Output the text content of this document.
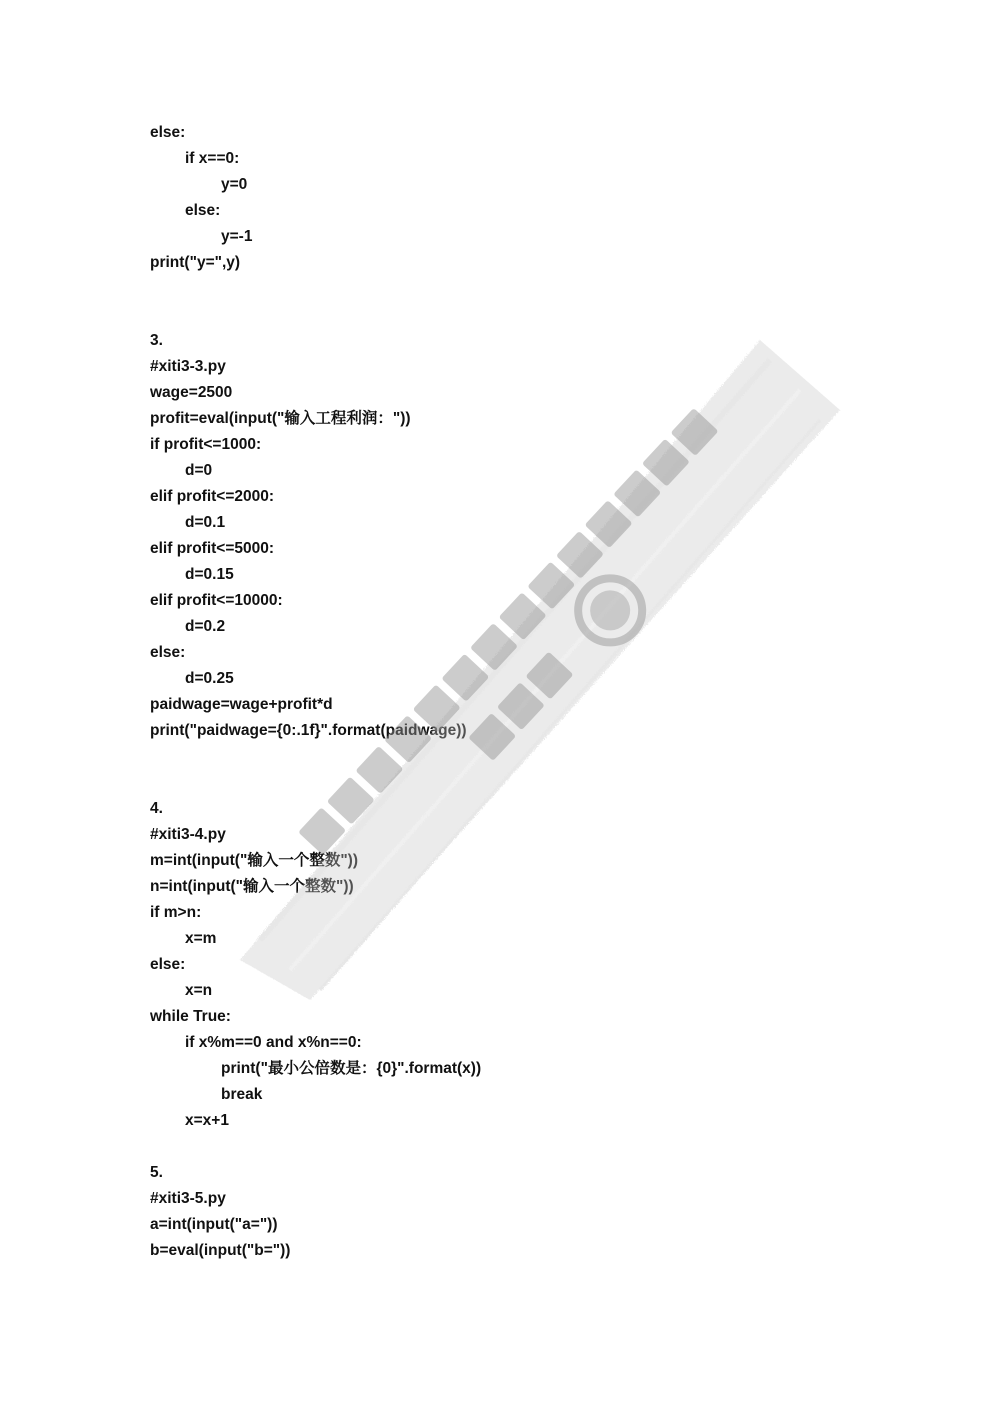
else:
if x==0:
y=0
else:
y=-1
print("y=",y)
3.
#xiti3-3.py
wage=2500
profit=eval(input("输入工程利润："))
if profit<=1000:
d=0
elif profit<=2000:
d=0.1
elif profit<=5000:
d=0.15
elif profit<=10000:
d=0.2
else:
d=0.25
paidwage=wage+profit*d
print("paidwage={0:.1f}".format(paidwage))
4.
#xiti3-4.py
m=int(input("输入一个整数"))
n=int(input("输入一个整数"))
if m>n:
x=m
else:
x=n
while True:
if x%m==0 and x%n==0:
print("最小公倍数是：{0}".format(x))
break
x=x+1
5.
#xiti3-5.py
a=int(input("a="))
b=eval(input("b="))
